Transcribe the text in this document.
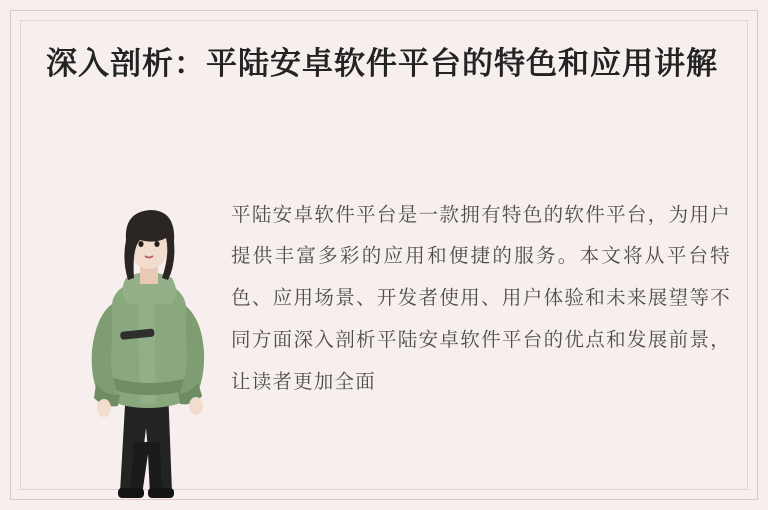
深入剖析：平陆安卓软件平台的特色和应用讲解

平陆安卓软件平台是一款拥有特色的软件平台，为用户提供丰富多彩的应用和便捷的服务。本文将从平台特色、应用场景、开发者使用、用户体验和未来展望等不同方面深入剖析平陆安卓软件平台的优点和发展前景，让读者更加全面
